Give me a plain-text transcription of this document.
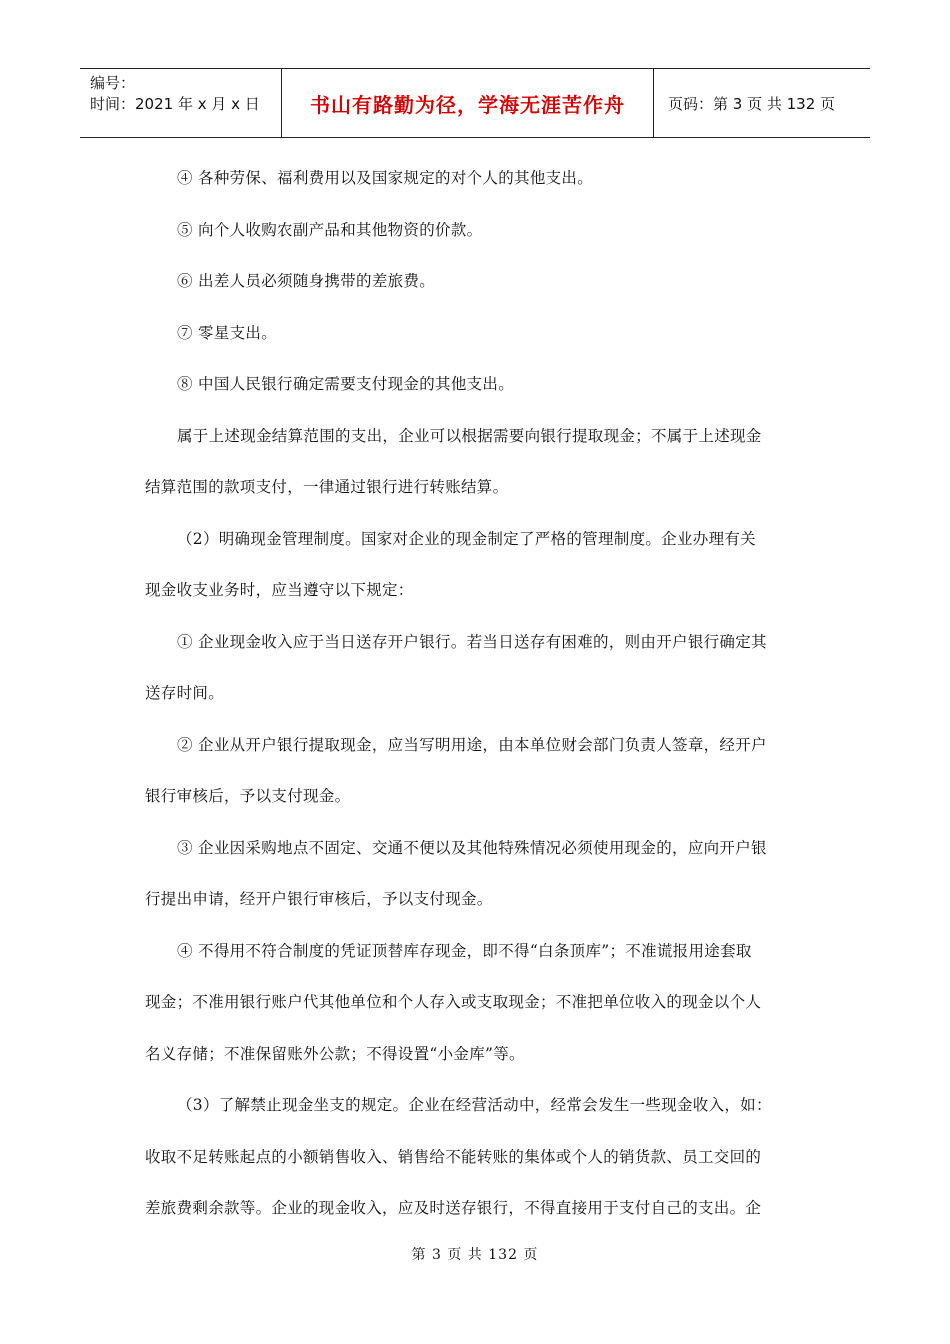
编号：
时间：2021 年 x 月 x 日	书山有路勤为径，学海无涯苦作舟	页码：第 3 页 共 132 页
④ 各种劳保、福利费用以及国家规定的对个人的其他支出。
⑤ 向个人收购农副产品和其他物资的价款。
⑥ 出差人员必须随身携带的差旅费。
⑦ 零星支出。
⑧ 中国人民银行确定需要支付现金的其他支出。
属于上述现金结算范围的支出，企业可以根据需要向银行提取现金；不属于上述现金
结算范围的款项支付，一律通过银行进行转账结算。
（2）明确现金管理制度。国家对企业的现金制定了严格的管理制度。企业办理有关
现金收支业务时，应当遵守以下规定：
① 企业现金收入应于当日送存开户银行。若当日送存有困难的，则由开户银行确定其
送存时间。
② 企业从开户银行提取现金，应当写明用途，由本单位财会部门负责人签章，经开户
银行审核后，予以支付现金。
③ 企业因采购地点不固定、交通不便以及其他特殊情况必须使用现金的，应向开户银
行提出申请，经开户银行审核后，予以支付现金。
④ 不得用不符合制度的凭证顶替库存现金，即不得“白条顶库”；不准谎报用途套取
现金；不准用银行账户代其他单位和个人存入或支取现金；不准把单位收入的现金以个人
名义存储；不准保留账外公款；不得设置“小金库”等。
（3）了解禁止现金坐支的规定。企业在经营活动中，经常会发生一些现金收入，如：
收取不足转账起点的小额销售收入、销售给不能转账的集体或个人的销货款、员工交回的
差旅费剩余款等。企业的现金收入，应及时送存银行，不得直接用于支付自己的支出。企
第 3 页 共 132 页
